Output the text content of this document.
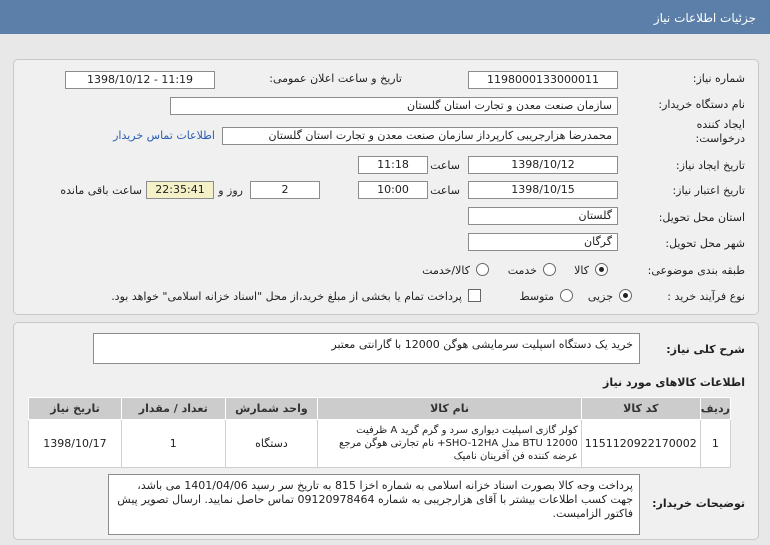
جزئیات اطلاعات نیاز
شماره نیاز:
1198000133000011
تاریخ و ساعت اعلان عمومی:
1398/10/12 - 11:19
نام دستگاه خریدار:
سازمان صنعت معدن و تجارت استان گلستان
ایجاد کننده درخواست:
محمدرضا هزارجریبی کارپرداز سازمان صنعت معدن و تجارت استان گلستان
اطلاعات تماس خریدار
تاریخ ایجاد نیاز:
1398/10/12
ساعت
11:18
تاریخ اعتبار نیاز:
1398/10/15
ساعت
10:00
2
روز و
22:35:41
ساعت باقی مانده
استان محل تحویل:
گلستان
شهر محل تحویل:
گرگان
طبقه بندی موضوعی:
کالا
خدمت
کالا/خدمت
نوع فرآیند خرید :
جزیی
متوسط
پرداخت تمام یا بخشی از مبلغ خرید،از محل "اسناد خزانه اسلامی" خواهد بود.
شرح کلی نیاز:
خرید یک دستگاه اسپلیت سرمایشی هوگن 12000 با گارانتی معتبر
اطلاعات کالاهای مورد نیاز
ردیف	کد کالا	نام کالا	واحد شمارش	تعداد / مقدار	تاریخ نیاز
1	1151120922170002	کولر گازی اسپلیت دیواری سرد و گرم گرید A ظرفیت 12000 BTU مدل SHO-12HA+ نام تجارتی هوگن مرجع عرضه کننده فن آفرینان نامیک	دستگاه	1	1398/10/17
توضیحات خریدار:
پرداخت وجه کالا بصورت اسناد خزانه اسلامی به شماره اخزا 815 به تاریخ سر رسید 1401/04/06 می باشد، جهت کسب اطلاعات بیشتر با آقای هزارجریبی به شماره 09120978464 تماس حاصل نمایید. ارسال تصویر پیش فاکتور الزامیست.
